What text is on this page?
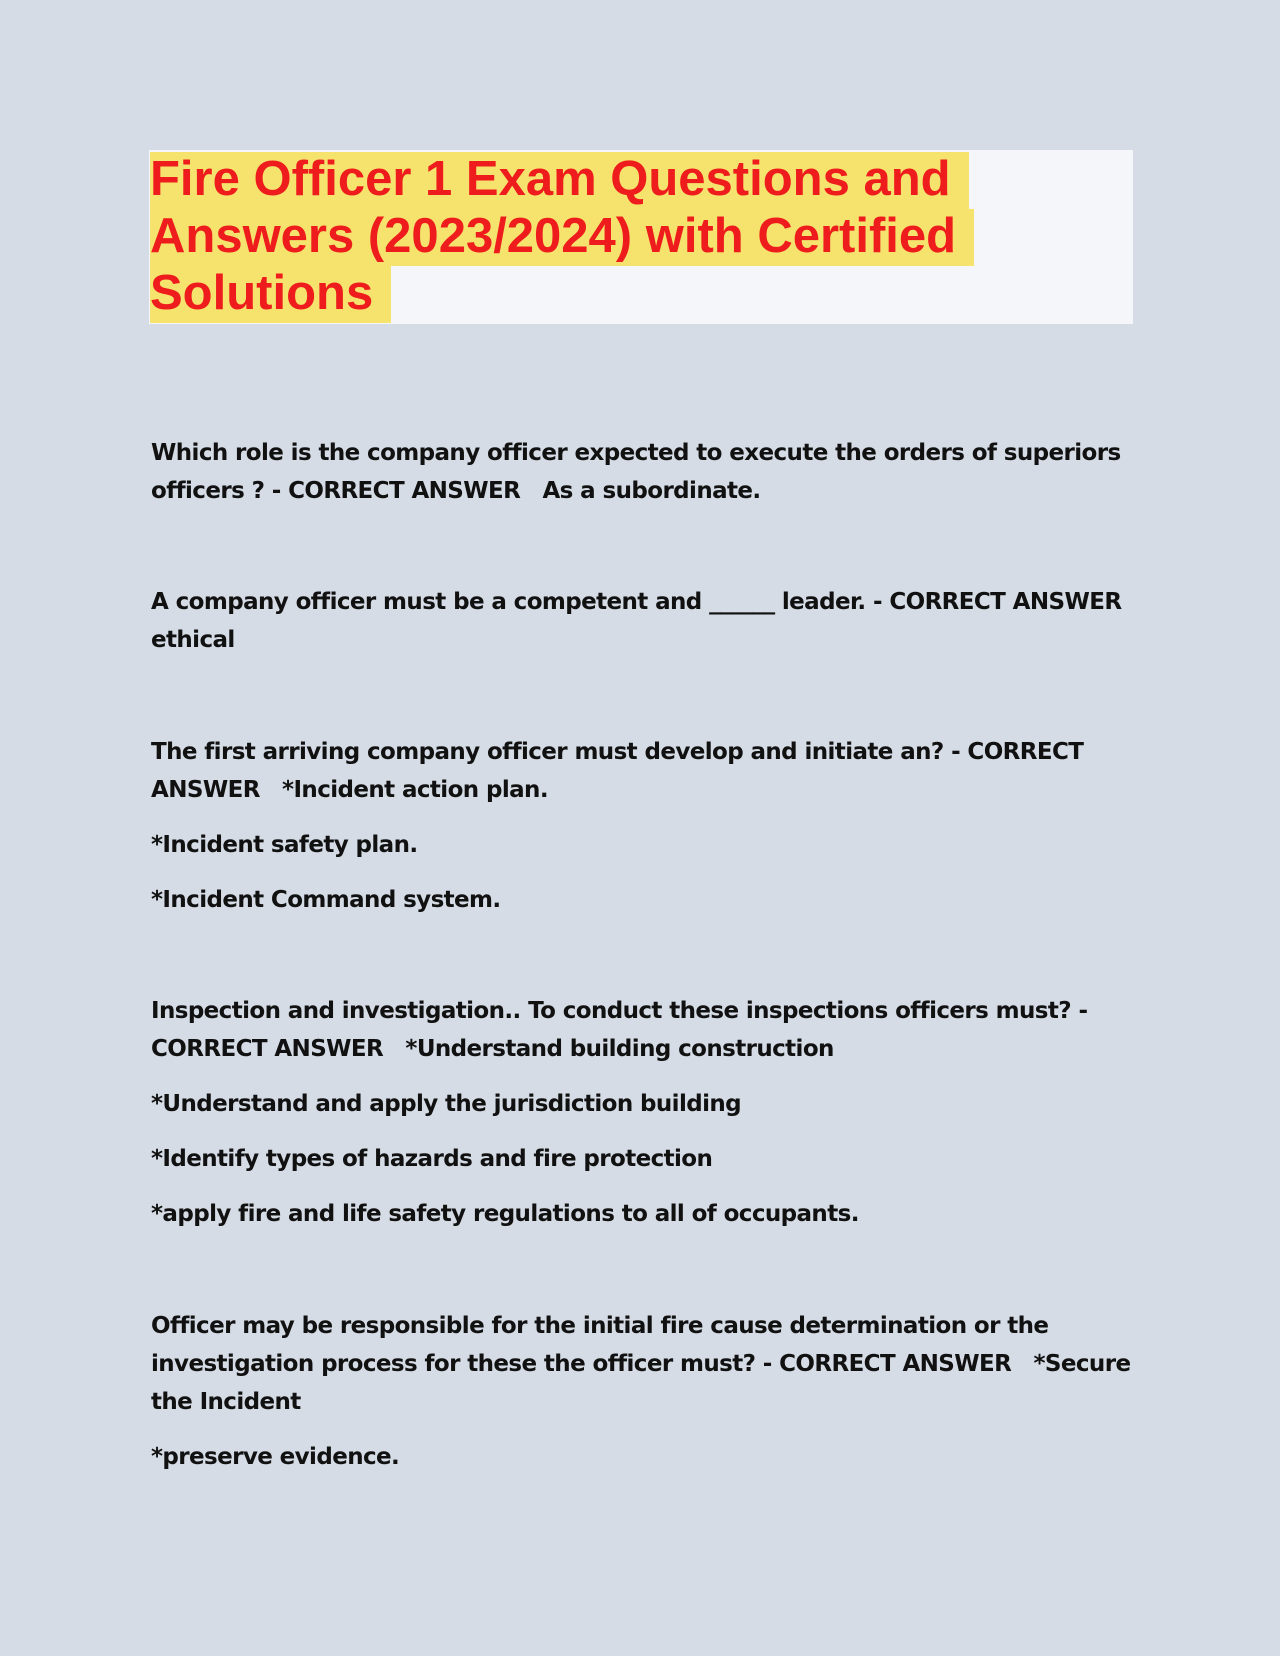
Fire Officer 1 Exam Questions and Answers (2023/2024) with Certified Solutions

Which role is the company officer expected to execute the orders of superiors officers ? - CORRECT ANSWER As a subordinate.

A company officer must be a competent and ______ leader. - CORRECT ANSWER ethical

The first arriving company officer must develop and initiate an? - CORRECT ANSWER *Incident action plan.

*Incident safety plan.

*Incident Command system.

Inspection and investigation.. To conduct these inspections officers must? - CORRECT ANSWER *Understand building construction

*Understand and apply the jurisdiction building

*Identify types of hazards and fire protection

*apply fire and life safety regulations to all of occupants.

Officer may be responsible for the initial fire cause determination or the investigation process for these the officer must? - CORRECT ANSWER *Secure the Incident

*preserve evidence.
